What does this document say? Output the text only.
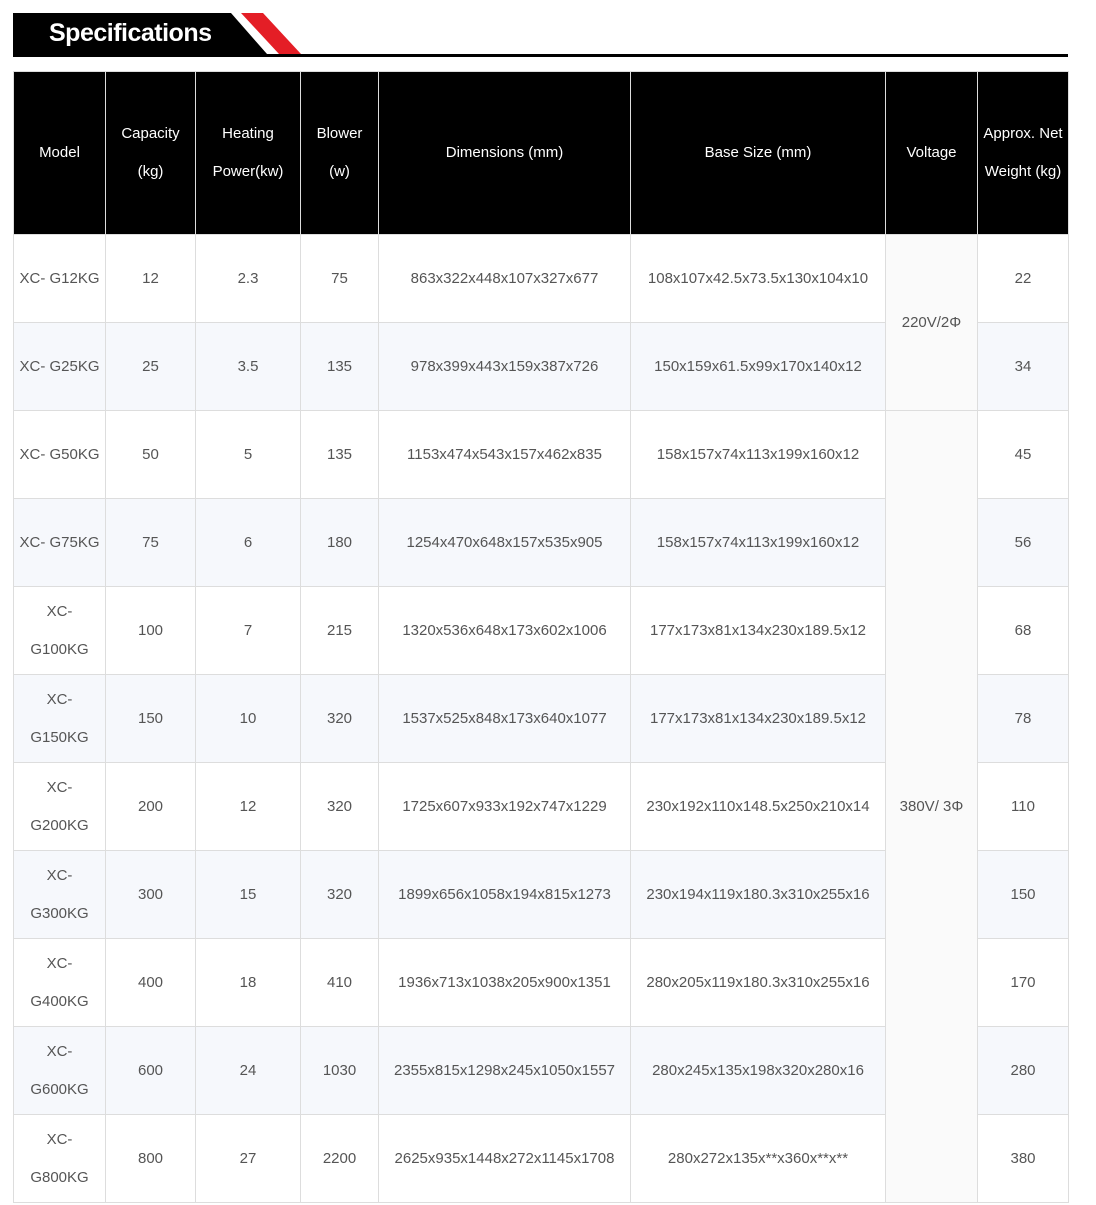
Specifications
Model	Capacity (kg)	Heating Power(kw)	Blower (w)	Dimensions (mm)	Base Size (mm)	Voltage	Approx. Net Weight (kg)
XC- G12KG	12	2.3	75	863x322x448x107x327x677	108x107x42.5x73.5x130x104x10	220V/2Φ	22
XC- G25KG	25	3.5	135	978x399x443x159x387x726	150x159x61.5x99x170x140x12		34
XC- G50KG	50	5	135	1153x474x543x157x462x835	158x157x74x113x199x160x12	380V/ 3Φ	45
XC- G75KG	75	6	180	1254x470x648x157x535x905	158x157x74x113x199x160x12		56
XC- G100KG	100	7	215	1320x536x648x173x602x1006	177x173x81x134x230x189.5x12		68
XC- G150KG	150	10	320	1537x525x848x173x640x1077	177x173x81x134x230x189.5x12		78
XC- G200KG	200	12	320	1725x607x933x192x747x1229	230x192x110x148.5x250x210x14		110
XC- G300KG	300	15	320	1899x656x1058x194x815x1273	230x194x119x180.3x310x255x16		150
XC- G400KG	400	18	410	1936x713x1038x205x900x1351	280x205x119x180.3x310x255x16		170
XC- G600KG	600	24	1030	2355x815x1298x245x1050x1557	280x245x135x198x320x280x16		280
XC- G800KG	800	27	2200	2625x935x1448x272x1145x1708	280x272x135x**x360x**x**		380
